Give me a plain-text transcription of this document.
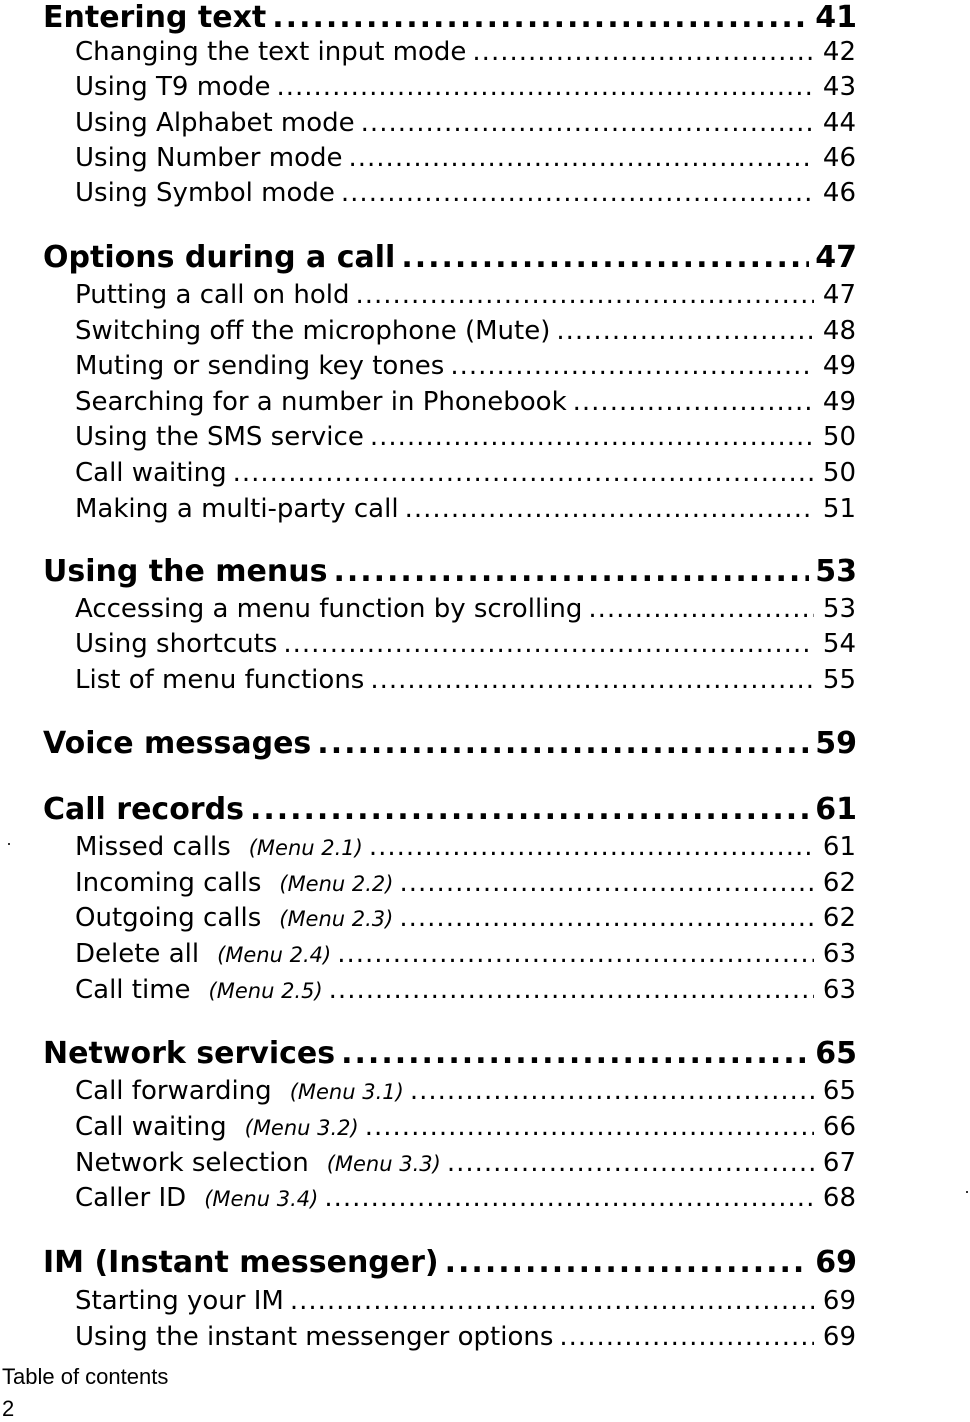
Entering text .....	41
Changing the text input mode .....	42
Using T9 mode .....	43
Using Alphabet mode .....	44
Using Number mode .....	46
Using Symbol mode .....	46
Options during a call .....	47
Putting a call on hold .....	47
Switching off the microphone (Mute) .....	48
Muting or sending key tones .....	49
Searching for a number in Phonebook .....	49
Using the SMS service .....	50
Call waiting .....	50
Making a multi-party call .....	51
Using the menus .....	53
Accessing a menu function by scrolling .....	53
Using shortcuts .....	54
List of menu functions .....	55
Voice messages .....	59
Call records .....	61
Missed calls (Menu 2.1) .....	61
Incoming calls (Menu 2.2) .....	62
Outgoing calls (Menu 2.3) .....	62
Delete all (Menu 2.4) .....	63
Call time (Menu 2.5) .....	63
Network services .....	65
Call forwarding (Menu 3.1) .....	65
Call waiting (Menu 3.2) .....	66
Network selection (Menu 3.3) .....	67
Caller ID (Menu 3.4) .....	68
IM (Instant messenger) .....	69
Starting your IM .....	69
Using the instant messenger options .....	69
Table of contents
2
